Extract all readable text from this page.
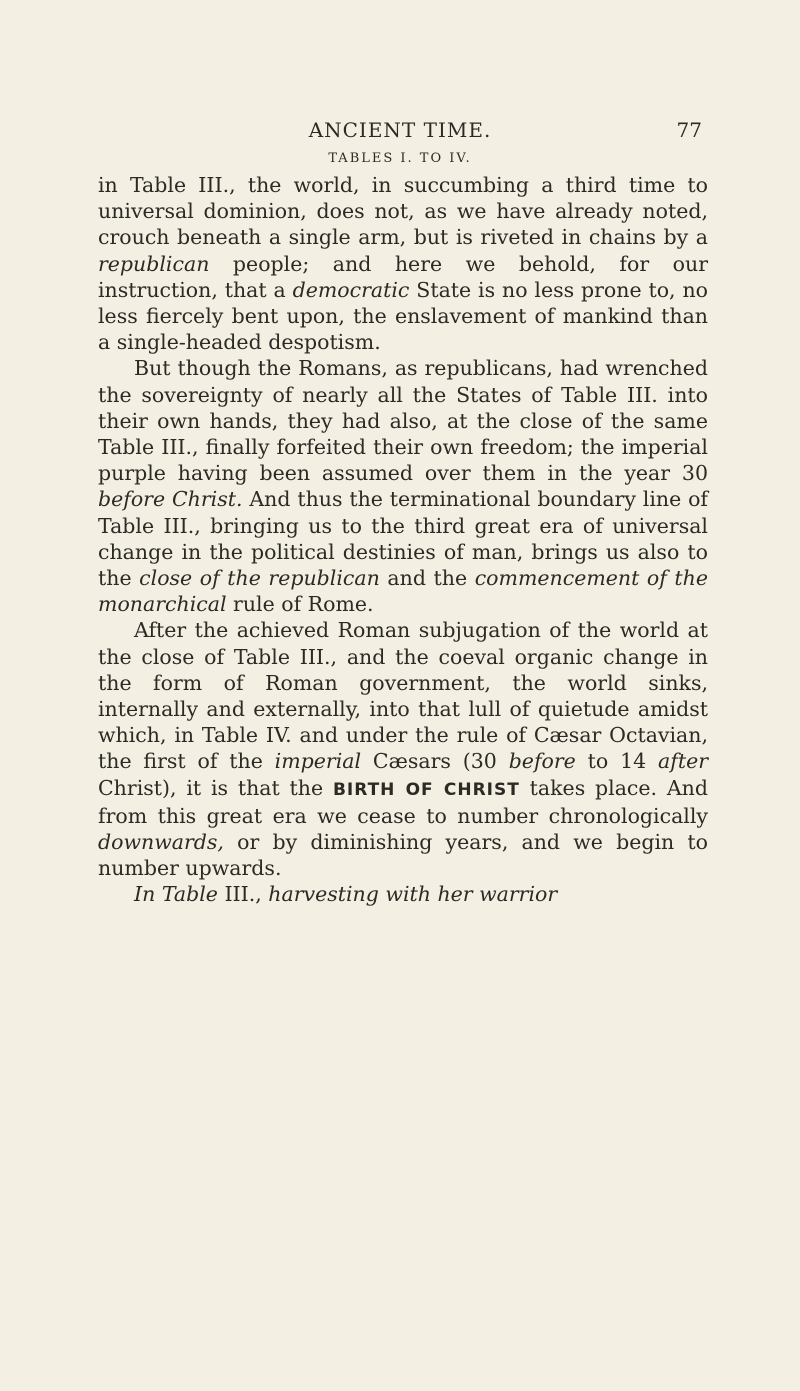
ANCIENT TIME.	77
TABLES I. TO IV.

in Table III., the world, in succumbing a third time to universal dominion, does not, as we have already noted, crouch beneath a single arm, but is riveted in chains by a republican people; and here we behold, for our instruction, that a democratic State is no less prone to, no less fiercely bent upon, the enslavement of mankind than a single-headed despotism.

But though the Romans, as republicans, had wrenched the sovereignty of nearly all the States of Table III. into their own hands, they had also, at the close of the same Table III., finally forfeited their own freedom; the imperial purple having been assumed over them in the year 30 before Christ. And thus the terminational boundary line of Table III., bringing us to the third great era of universal change in the political destinies of man, brings us also to the close of the republican and the commencement of the monarchical rule of Rome.

After the achieved Roman subjugation of the world at the close of Table III., and the coeval organic change in the form of Roman government, the world sinks, internally and externally, into that lull of quietude amidst which, in Table IV. and under the rule of Cæsar Octavian, the first of the imperial Cæsars (30 before to 14 after Christ), it is that the BIRTH OF CHRIST takes place. And from this great era we cease to number chronologically downwards, or by diminishing years, and we begin to number upwards.

In Table III., harvesting with her warrior
